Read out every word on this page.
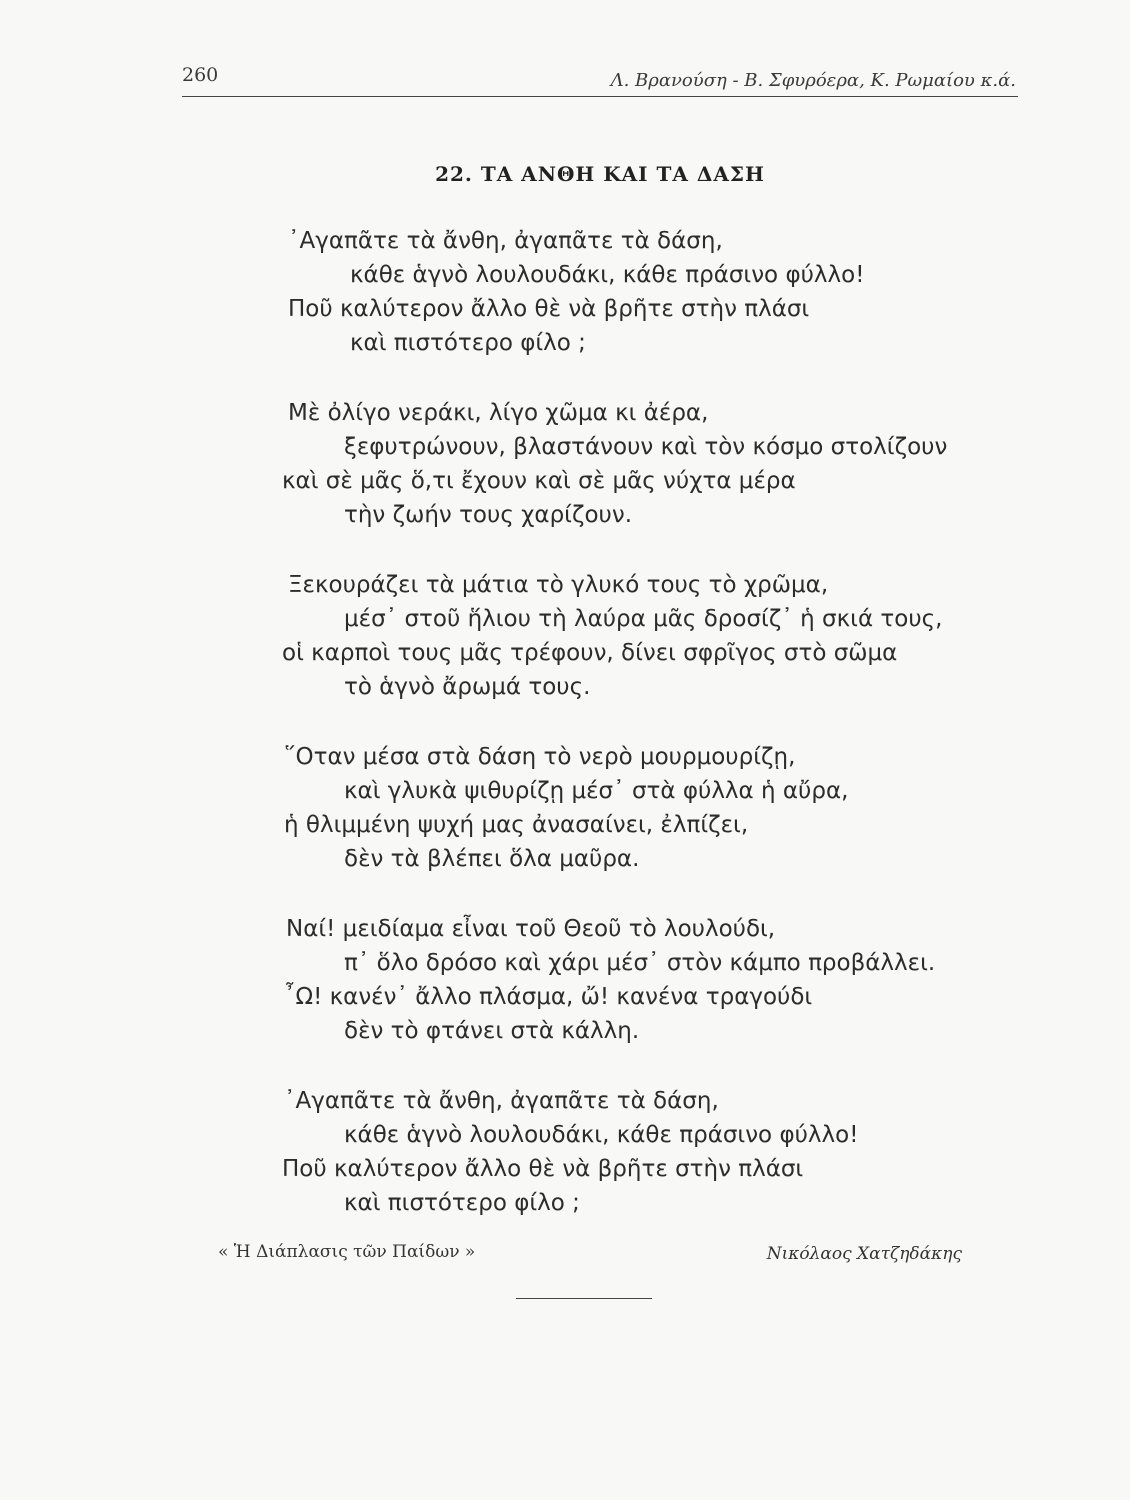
260	Λ. Βρανούση - Β. Σφυρόερα, Κ. Ρωμαίου κ.ά.
22. ΤΑ ΑΝΘΗ ΚΑΙ ΤΑ ΔΑΣΗ
᾿Αγαπᾶτε τὰ ἄνθη, ἀγαπᾶτε τὰ δάση,
κάθε ἁγνὸ λουλουδάκι, κάθε πράσινο φύλλο!
Ποῦ καλύτερον ἄλλο θὲ νὰ βρῆτε στὴν πλάσι
καὶ πιστότερο φίλο ;
Μὲ ὀλίγο νεράκι, λίγο χῶμα κι ἀέρα,
ξεφυτρώνουν, βλαστάνουν καὶ τὸν κόσμο στολίζουν
καὶ σὲ μᾶς ὅ,τι ἔχουν καὶ σὲ μᾶς νύχτα μέρα
τὴν ζωήν τους χαρίζουν.
Ξεκουράζει τὰ μάτια τὸ γλυκό τους τὸ χρῶμα,
μέσ᾿ στοῦ ἥλιου τὴ λαύρα μᾶς δροσίζ᾿ ἡ σκιά τους,
οἱ καρποὶ τους μᾶς τρέφουν, δίνει σφρῖγος στὸ σῶμα
τὸ ἁγνὸ ἄρωμά τους.
῞Οταν μέσα στὰ δάση τὸ νερὸ μουρμουρίζῃ,
καὶ γλυκὰ ψιθυρίζῃ μέσ᾿ στὰ φύλλα ἡ αὔρα,
ἡ θλιμμένη ψυχή μας ἀνασαίνει, ἐλπίζει,
δὲν τὰ βλέπει ὅλα μαῦρα.
Ναί! μειδίαμα εἶναι τοῦ Θεοῦ τὸ λουλούδι,
π᾿ ὅλο δρόσο καὶ χάρι μέσ᾿ στὸν κάμπο προβάλλει.
῏Ω! κανέν᾿ ἄλλο πλάσμα, ὤ! κανένα τραγούδι
δὲν τὸ φτάνει στὰ κάλλη.
᾿Αγαπᾶτε τὰ ἄνθη, ἀγαπᾶτε τὰ δάση,
κάθε ἁγνὸ λουλουδάκι, κάθε πράσινο φύλλο!
Ποῦ καλύτερον ἄλλο θὲ νὰ βρῆτε στὴν πλάσι
καὶ πιστότερο φίλο ;
« Ἡ Διάπλασις τῶν Παίδων »	Νικόλαος Χατζηδάκης
